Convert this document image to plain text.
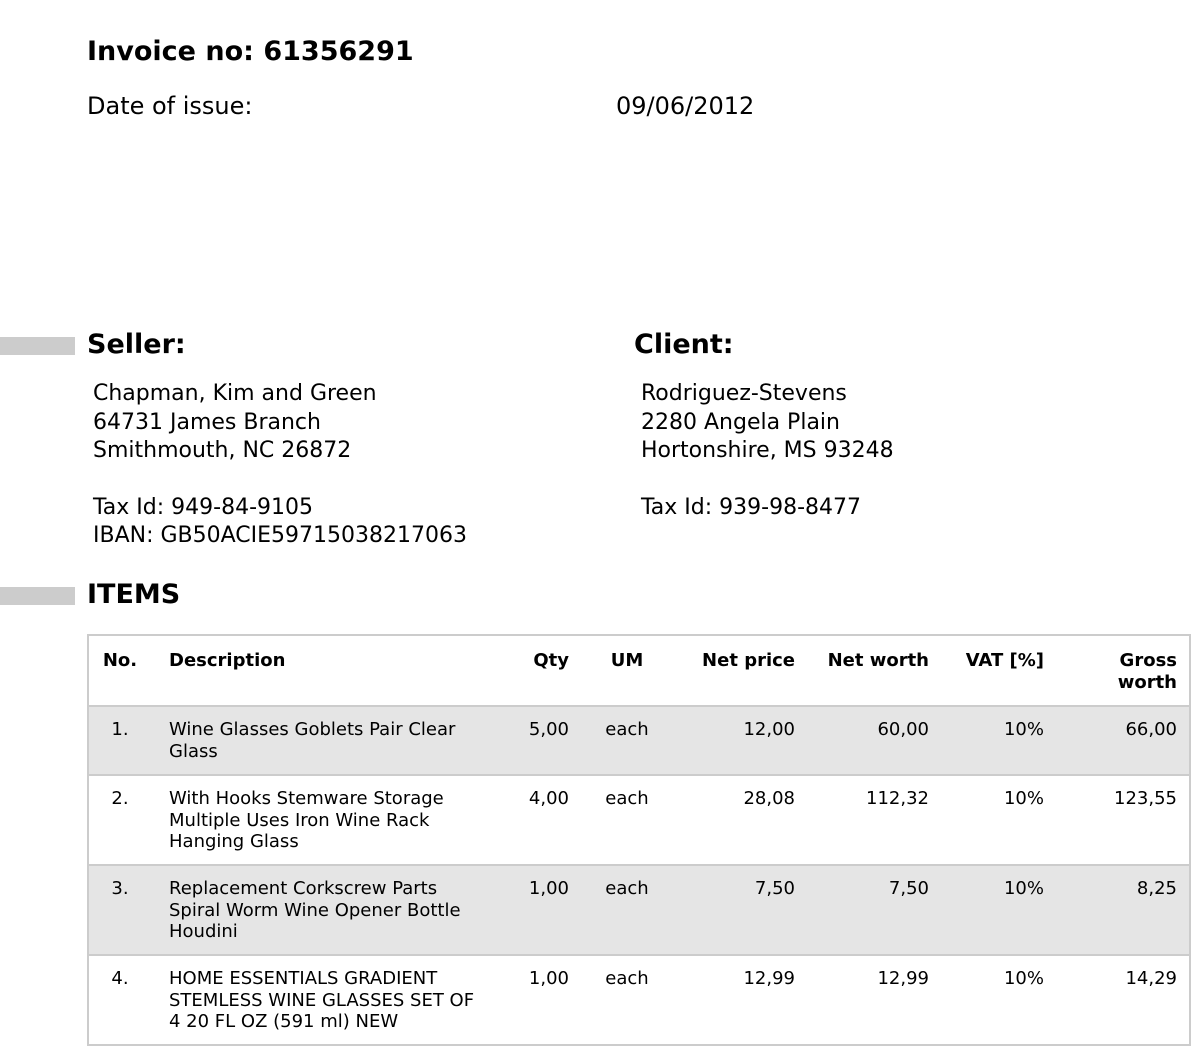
Invoice no: 61356291
Date of issue:	09/06/2012
Seller:	Client:
Chapman, Kim and Green
64731 James Branch
Smithmouth, NC 26872
Tax Id: 949-84-9105
IBAN: GB50ACIE59715038217063
Rodriguez-Stevens
2280 Angela Plain
Hortonshire, MS 93248
Tax Id: 939-98-8477
ITEMS
No.	Description	Qty	UM	Net price	Net worth	VAT [%]	Gross worth
1.	Wine Glasses Goblets Pair Clear Glass	5,00	each	12,00	60,00	10%	66,00
2.	With Hooks Stemware Storage Multiple Uses Iron Wine Rack Hanging Glass	4,00	each	28,08	112,32	10%	123,55
3.	Replacement Corkscrew Parts Spiral Worm Wine Opener Bottle Houdini	1,00	each	7,50	7,50	10%	8,25
4.	HOME ESSENTIALS GRADIENT STEMLESS WINE GLASSES SET OF 4 20 FL OZ (591 ml) NEW	1,00	each	12,99	12,99	10%	14,29
